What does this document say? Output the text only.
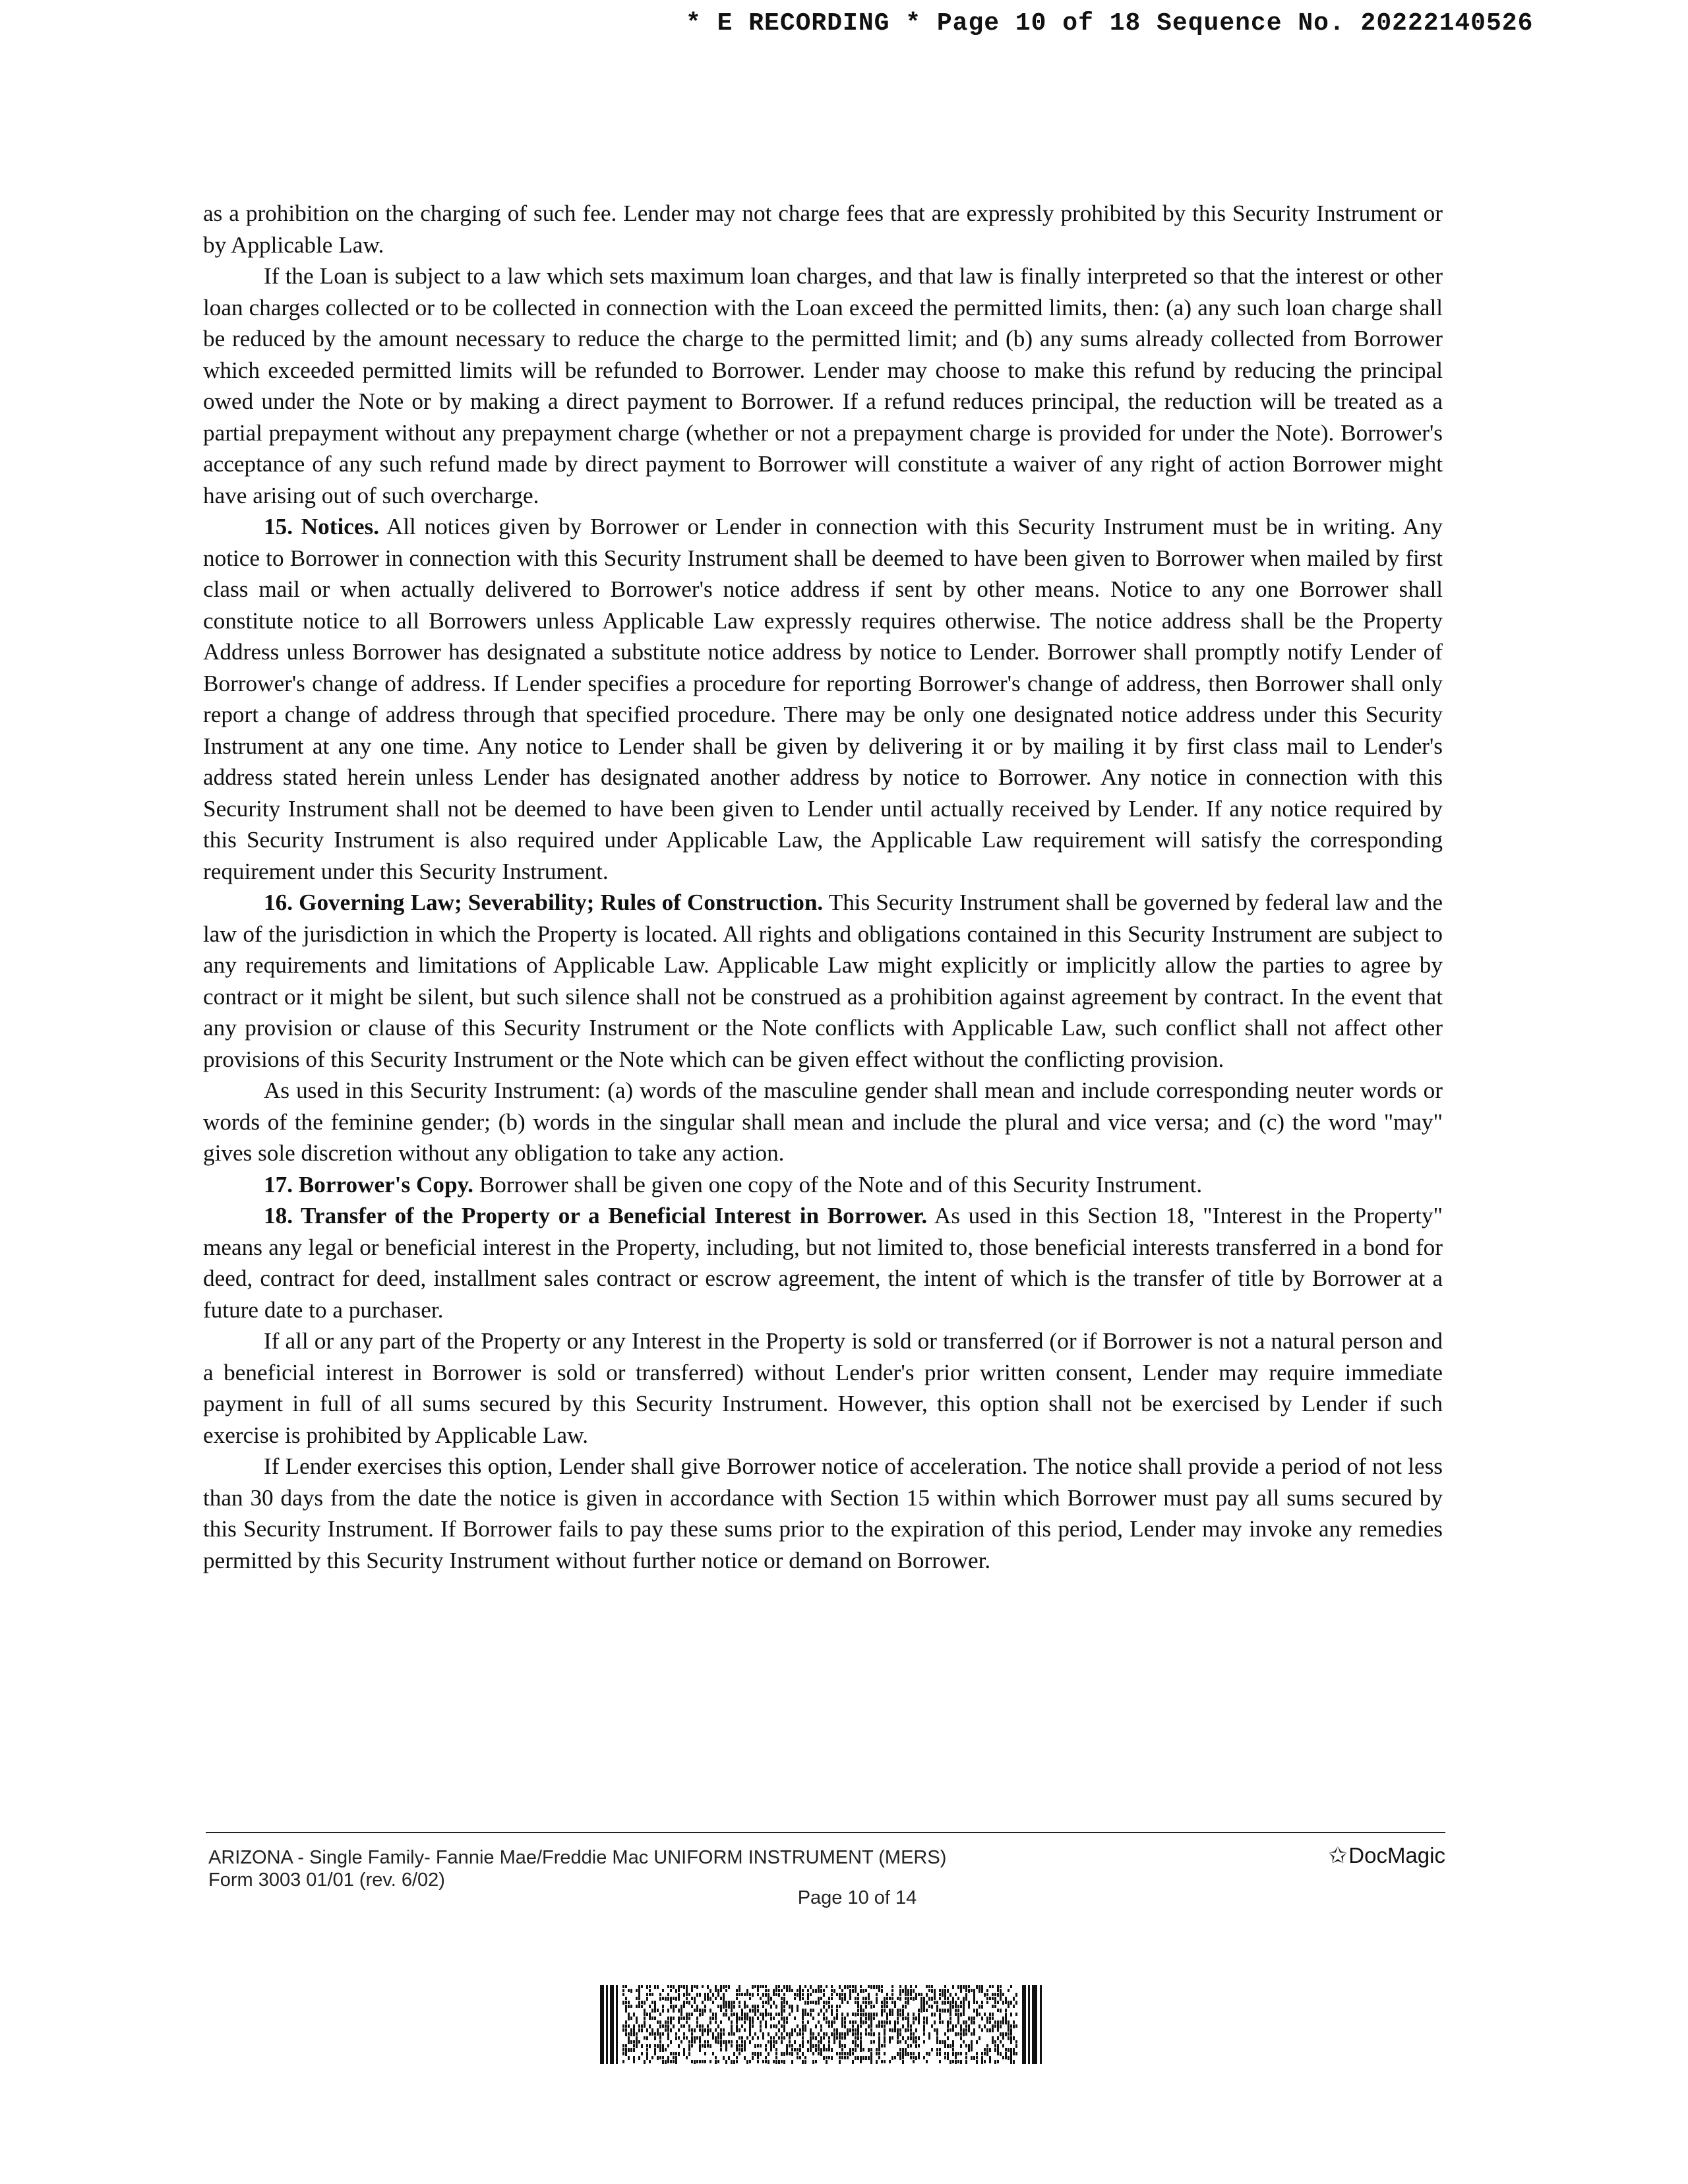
* E RECORDING * Page 10 of 18 Sequence No. 20222140526

as a prohibition on the charging of such fee. Lender may not charge fees that are expressly prohibited by this Security Instrument or by Applicable Law.

If the Loan is subject to a law which sets maximum loan charges, and that law is finally interpreted so that the interest or other loan charges collected or to be collected in connection with the Loan exceed the permitted limits, then: (a) any such loan charge shall be reduced by the amount necessary to reduce the charge to the permitted limit; and (b) any sums already collected from Borrower which exceeded permitted limits will be refunded to Borrower. Lender may choose to make this refund by reducing the principal owed under the Note or by making a direct payment to Borrower. If a refund reduces principal, the reduction will be treated as a partial prepayment without any prepayment charge (whether or not a prepayment charge is provided for under the Note). Borrower's acceptance of any such refund made by direct payment to Borrower will constitute a waiver of any right of action Borrower might have arising out of such overcharge.

15. Notices. All notices given by Borrower or Lender in connection with this Security Instrument must be in writing. Any notice to Borrower in connection with this Security Instrument shall be deemed to have been given to Borrower when mailed by first class mail or when actually delivered to Borrower's notice address if sent by other means. Notice to any one Borrower shall constitute notice to all Borrowers unless Applicable Law expressly requires otherwise. The notice address shall be the Property Address unless Borrower has designated a substitute notice address by notice to Lender. Borrower shall promptly notify Lender of Borrower's change of address. If Lender specifies a procedure for reporting Borrower's change of address, then Borrower shall only report a change of address through that specified procedure. There may be only one designated notice address under this Security Instrument at any one time. Any notice to Lender shall be given by delivering it or by mailing it by first class mail to Lender's address stated herein unless Lender has designated another address by notice to Borrower. Any notice in connection with this Security Instrument shall not be deemed to have been given to Lender until actually received by Lender. If any notice required by this Security Instrument is also required under Applicable Law, the Applicable Law requirement will satisfy the corresponding requirement under this Security Instrument.

16. Governing Law; Severability; Rules of Construction. This Security Instrument shall be governed by federal law and the law of the jurisdiction in which the Property is located. All rights and obligations contained in this Security Instrument are subject to any requirements and limitations of Applicable Law. Applicable Law might explicitly or implicitly allow the parties to agree by contract or it might be silent, but such silence shall not be construed as a prohibition against agreement by contract. In the event that any provision or clause of this Security Instrument or the Note conflicts with Applicable Law, such conflict shall not affect other provisions of this Security Instrument or the Note which can be given effect without the conflicting provision.

As used in this Security Instrument: (a) words of the masculine gender shall mean and include corresponding neuter words or words of the feminine gender; (b) words in the singular shall mean and include the plural and vice versa; and (c) the word "may" gives sole discretion without any obligation to take any action.

17. Borrower's Copy. Borrower shall be given one copy of the Note and of this Security Instrument.

18. Transfer of the Property or a Beneficial Interest in Borrower. As used in this Section 18, "Interest in the Property" means any legal or beneficial interest in the Property, including, but not limited to, those beneficial interests transferred in a bond for deed, contract for deed, installment sales contract or escrow agreement, the intent of which is the transfer of title by Borrower at a future date to a purchaser.

If all or any part of the Property or any Interest in the Property is sold or transferred (or if Borrower is not a natural person and a beneficial interest in Borrower is sold or transferred) without Lender's prior written consent, Lender may require immediate payment in full of all sums secured by this Security Instrument. However, this option shall not be exercised by Lender if such exercise is prohibited by Applicable Law.

If Lender exercises this option, Lender shall give Borrower notice of acceleration. The notice shall provide a period of not less than 30 days from the date the notice is given in accordance with Section 15 within which Borrower must pay all sums secured by this Security Instrument. If Borrower fails to pay these sums prior to the expiration of this period, Lender may invoke any remedies permitted by this Security Instrument without further notice or demand on Borrower.

ARIZONA - Single Family- Fannie Mae/Freddie Mac UNIFORM INSTRUMENT (MERS)
Form 3003 01/01 (rev. 6/02)
✩DocMagic
Page 10 of 14
